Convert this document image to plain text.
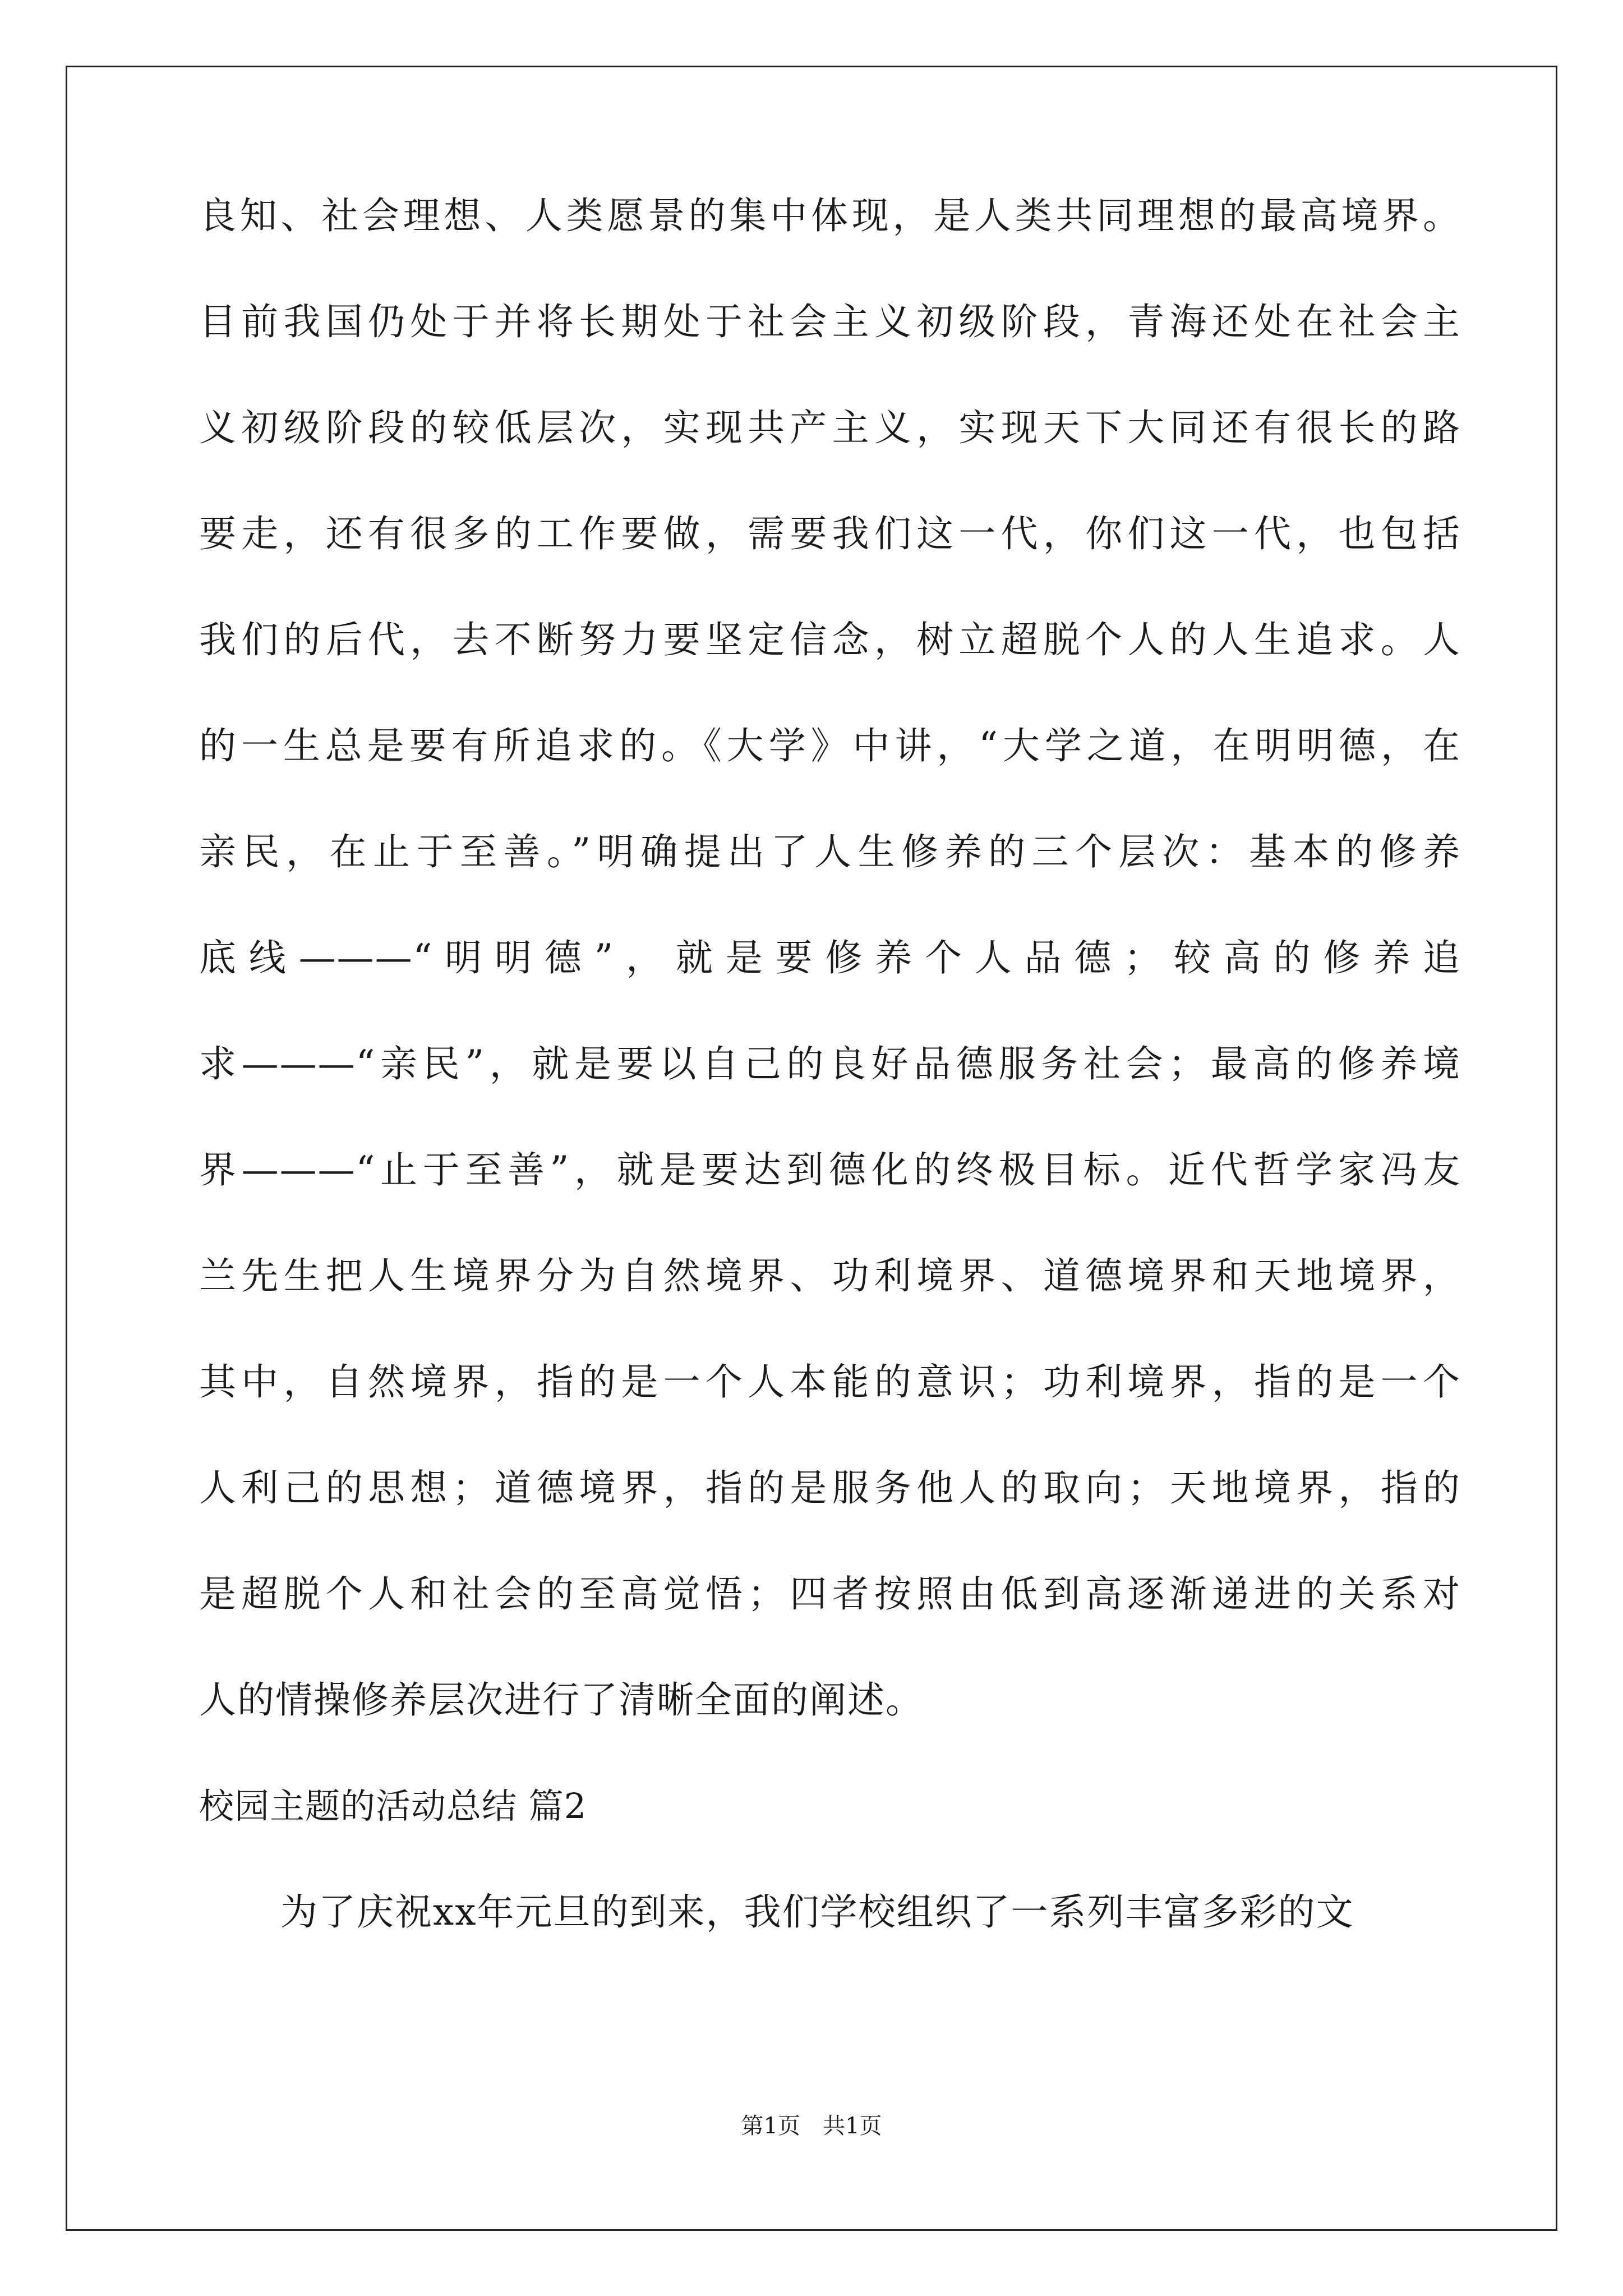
良知、社会理想、人类愿景的集中体现，是人类共同理想的最高境界。
目前我国仍处于并将长期处于社会主义初级阶段，青海还处在社会主
义初级阶段的较低层次，实现共产主义，实现天下大同还有很长的路
要走，还有很多的工作要做，需要我们这一代，你们这一代，也包括
我们的后代，去不断努力要坚定信念，树立超脱个人的人生追求。人
的一生总是要有所追求的。《大学》中讲，“大学之道，在明明德，在
亲民，在止于至善。”明确提出了人生修养的三个层次：基本的修养
底线———“明明德”，就是要修养个人品德；较高的修养追
求———“亲民”，就是要以自己的良好品德服务社会；最高的修养境
界———“止于至善”，就是要达到德化的终极目标。近代哲学家冯友
兰先生把人生境界分为自然境界、功利境界、道德境界和天地境界，
其中，自然境界，指的是一个人本能的意识；功利境界，指的是一个
人利己的思想；道德境界，指的是服务他人的取向；天地境界，指的
是超脱个人和社会的至高觉悟；四者按照由低到高逐渐递进的关系对
人的情操修养层次进行了清晰全面的阐述。
校园主题的活动总结 篇2
为了庆祝xx年元旦的到来，我们学校组织了一系列丰富多彩的文
第1页　共1页
